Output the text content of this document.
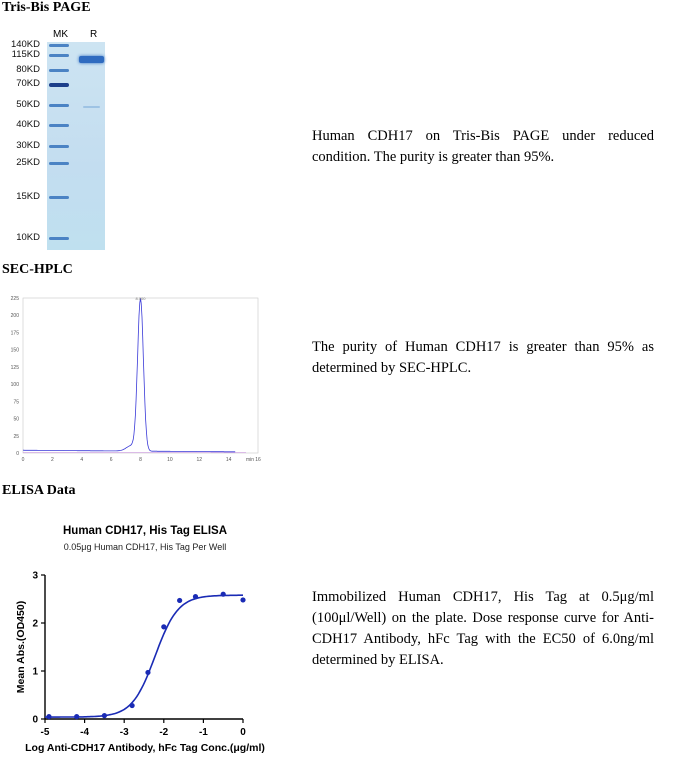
Tris-Bis PAGE
MK R
140KD
115KD
80KD
70KD
50KD
40KD
30KD
25KD
15KD
10KD
Human CDH17 on Tris-Bis PAGE under reduced condition. The purity is greater than 95%.
SEC-HPLC
0
25
50
75
100
125
150
175
200
225
0	2	4	6	8	10	12	14	16
min
8.000
The purity of Human CDH17 is greater than 95% as determined by SEC-HPLC.
ELISA Data
Human CDH17, His Tag ELISA
0.05μg Human CDH17, His Tag Per Well
0
1
2
3
-5	-4	-3	-2	-1	0
Log Anti-CDH17 Antibody, hFc Tag Conc.(μg/ml)
Mean Abs.(OD450)
Immobilized Human CDH17, His Tag at 0.5μg/ml (100μl/Well) on the plate. Dose response curve for Anti-CDH17 Antibody, hFc Tag with the EC50 of 6.0ng/ml determined by ELISA.
